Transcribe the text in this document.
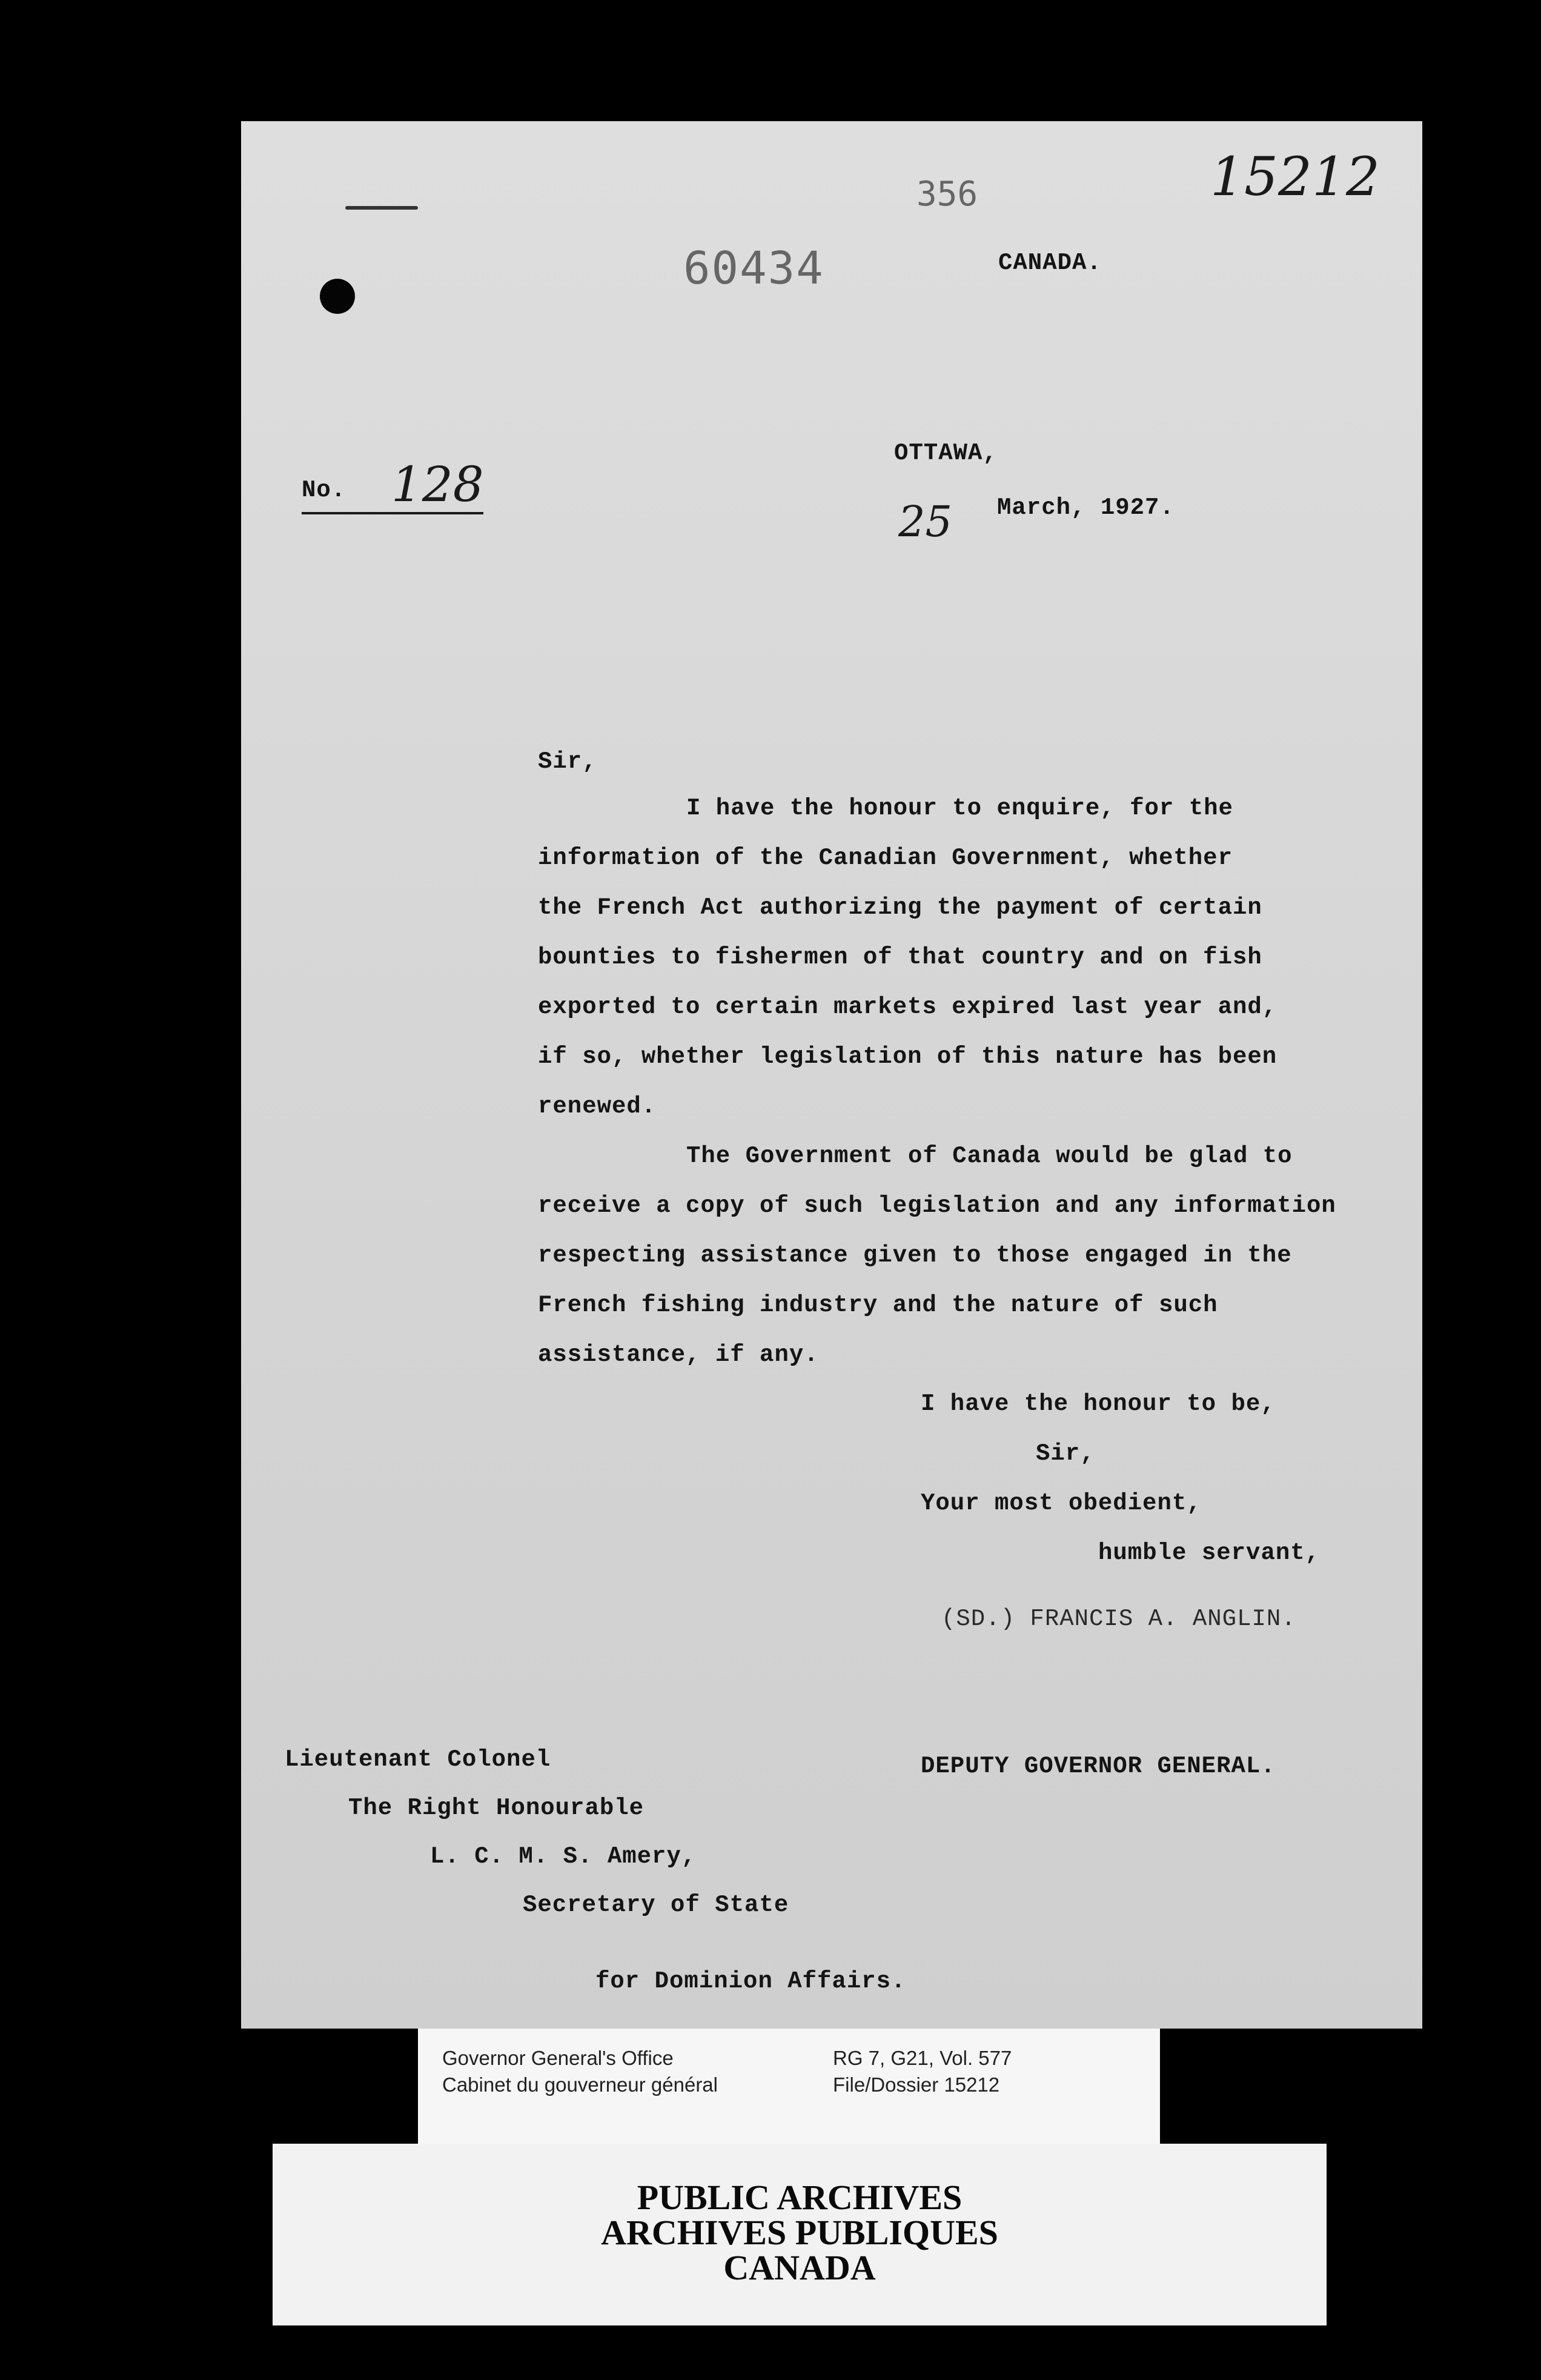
356	15212
60434	CANADA.
OTTAWA,
No. 128
25 March, 1927.
Sir,
I have the honour to enquire, for the
information of the Canadian Government, whether
the French Act authorizing the payment of certain
bounties to fishermen of that country and on fish
exported to certain markets expired last year and,
if so, whether legislation of this nature has been
renewed.
The Government of Canada would be glad to
receive a copy of such legislation and any information
respecting assistance given to those engaged in the
French fishing industry and the nature of such
assistance, if any.
I have the honour to be,
Sir,
Your most obedient,
humble servant,
(SD.) FRANCIS A. ANGLIN.
DEPUTY GOVERNOR GENERAL.
Lieutenant Colonel
The Right Honourable
L. C. M. S. Amery,
Secretary of State
for Dominion Affairs.
Governor General's Office
Cabinet du gouverneur général
RG 7, G21, Vol. 577
File/Dossier 15212
PUBLIC ARCHIVES
ARCHIVES PUBLIQUES
CANADA
